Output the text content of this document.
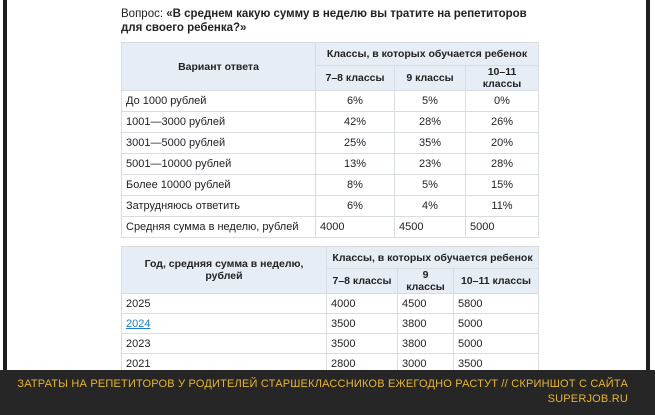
Вопрос: «В среднем какую сумму в неделю вы тратите на репетиторов для своего ребенка?»
Вариант ответа	Классы, в которых обучается ребенок		
	7–8 классы	9 классы	10–11 классы
До 1000 рублей	6%	5%	0%
1001—3000 рублей	42%	28%	26%
3001—5000 рублей	25%	35%	20%
5001—10000 рублей	13%	23%	28%
Более 10000 рублей	8%	5%	15%
Затрудняюсь ответить	6%	4%	11%
Средняя сумма в неделю, рублей	4000	4500	5000
Год, средняя сумма в неделю, рублей	Классы, в которых обучается ребенок		
	7–8 классы	9 классы	10–11 классы
2025	4000	4500	5800
2024	3500	3800	5000
2023	3500	3800	5000
2021	2800	3000	3500
ЗАТРАТЫ НА РЕПЕТИТОРОВ У РОДИТЕЛЕЙ СТАРШЕКЛАССНИКОВ ЕЖЕГОДНО РАСТУТ // СКРИНШОТ С САЙТА
SUPERJOB.RU
